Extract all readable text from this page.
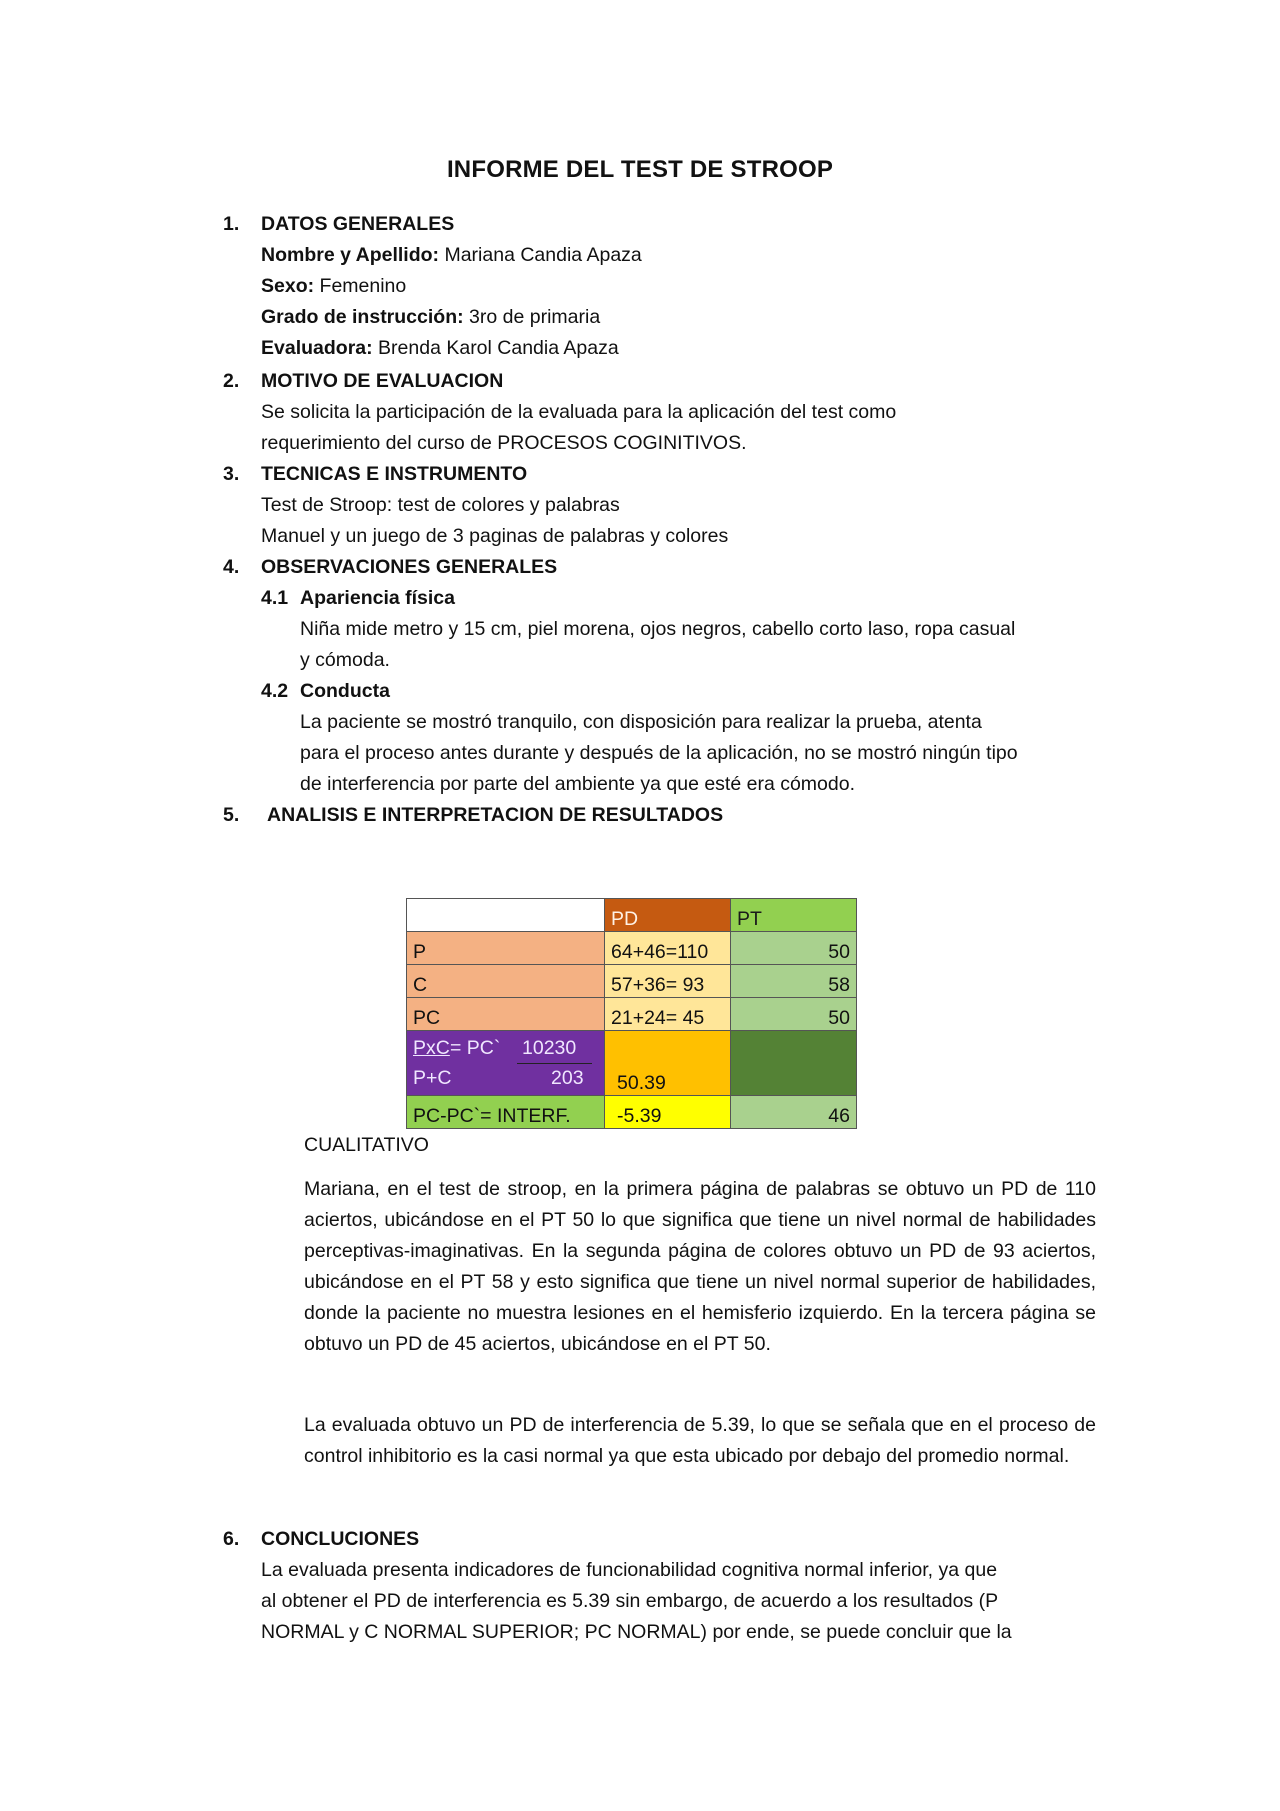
INFORME DEL TEST DE STROOP
1. DATOS GENERALES
Nombre y Apellido: Mariana Candia Apaza
Sexo: Femenino
Grado de instrucción: 3ro de primaria
Evaluadora: Brenda Karol Candia Apaza
2. MOTIVO DE EVALUACION
Se solicita la participación de la evaluada para la aplicación del test como
requerimiento del curso de PROCESOS COGINITIVOS.
3. TECNICAS E INSTRUMENTO
Test de Stroop: test de colores y palabras
Manuel y un juego de 3 paginas de palabras y colores
4. OBSERVACIONES GENERALES
4.1 Apariencia física
Niña mide metro y 15 cm, piel morena, ojos negros, cabello corto laso, ropa casual
y cómoda.
4.2 Conducta
La paciente se mostró tranquilo, con disposición para realizar la prueba, atenta
para el proceso antes durante y después de la aplicación, no se mostró ningún tipo
de interferencia por parte del ambiente ya que esté era cómodo.
5. ANALISIS E INTERPRETACION DE RESULTADOS
	PD	PT
P	64+46=110	50
C	57+36= 93	58
PC	21+24= 45	50

PxC = PC` 10230
P+C 203	50.39	
PC-PC`= INTERF.	-5.39	46
CUALITATIVO
Mariana, en el test de stroop, en la primera página de palabras se obtuvo un PD de 110 aciertos, ubicándose en el PT 50 lo que significa que tiene un nivel normal de habilidades perceptivas-imaginativas. En la segunda página de colores obtuvo un PD de 93 aciertos, ubicándose en el PT 58 y esto significa que tiene un nivel normal superior de habilidades, donde la paciente no muestra lesiones en el hemisferio izquierdo. En la tercera página se obtuvo un PD de 45 aciertos, ubicándose en el PT 50.
La evaluada obtuvo un PD de interferencia de 5.39, lo que se señala que en el proceso de control inhibitorio es la casi normal ya que esta ubicado por debajo del promedio normal.
6. CONCLUCIONES
La evaluada presenta indicadores de funcionabilidad cognitiva normal inferior, ya que
al obtener el PD de interferencia es 5.39 sin embargo, de acuerdo a los resultados (P
NORMAL y C NORMAL SUPERIOR; PC NORMAL) por ende, se puede concluir que la
